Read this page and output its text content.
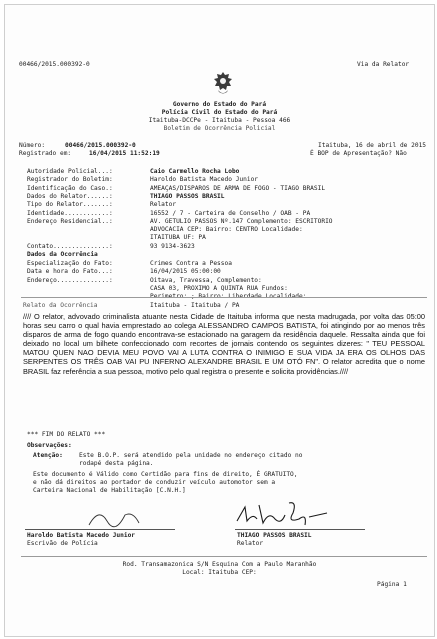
00466/2015.000392-0	Via da Relator
Governo do Estado do Pará
Polícia Civil do Estado do Pará
Itaituba-DCCPe - Itaituba - Pessoa 466
Boletim de Ocorrência Policial
Número:	00466/2015.000392-0
Registrado em:	16/04/2015 11:52:19
Itaituba, 16 de abril de 2015
É BOP de Apresentação? Não
Autoridade Policial...:	Caio Carmello Rocha Lobo
Registrador do Boletim:	Haroldo Batista Macedo Junior
Identificação do Caso.:	AMEAÇAS/DISPAROS DE ARMA DE FOGO - TIAGO BRASIL
Dados do Relator......:	THIAGO PASSOS BRASIL
Tipo do Relator.......:	Relator
Identidade............:	16552 / 7 - Carteira de Conselho / OAB - PA
Endereço Residencial..:	AV. GETULIO PASSOS Nº.147 Complemento: ESCRITORIO
ADVOCACIA CEP: Bairro: CENTRO Localidade:
ITAITUBA UF: PA
Contato...............:	93 9134-3623
Dados da Ocorrência
Especialização do Fato:	Crimes Contra a Pessoa
Data e hora do Fato...:	16/04/2015 05:00:00
Endereço..............:	Oitava, Travessa, Complemento:
CASA 03, PROXIMO A QUINTA RUA Fundos:
Perimetro: ; Bairro: Liberdade Localidade:
Itaituba - Itaituba / PA
Relato da Ocorrência
//// O relator, advovado criminalista atuante nesta Cidade de Itaituba informa que nesta madrugada, por volta das 05:00 horas seu carro o qual havia emprestado ao colega ALESSANDRO CAMPOS BATISTA, foi atingindo por ao menos três disparos de arma de fogo quando encontrava-se estacionado na garagem da residência daquele. Ressalta ainda que foi deixado no local um bilhete confeccionado com recortes de jornais contendo os seguintes dizeres: " TEU PESSOAL MATOU QUEN NAO DEVIA MEU POVO VAI A LUTA CONTRA O INIMIGO E SUA VIDA JA ERA OS OLHOS DAS SERPENTES OS TRÊS OAB VAI PU INFERNO ALEXANDRE BRASIL E UM OTÓ FN". O relator acredita que o nome BRASIL faz referência a sua pessoa, motivo pelo qual registra o presente e solicita providências.////
*** FIM DO RELATO ***
Observações:
Atenção:	Este B.O.P. será atendido pela unidade no endereço citado no
rodapé desta página.
Este documento é Válido como Certidão para fins de direito, É GRATUITO,
e não dá direitos ao portador de conduzir veículo automotor sem a
Carteira Nacional de Habilitação [C.N.H.]
Haroldo Batista Macedo Junior
Escrivão de Polícia
THIAGO PASSOS BRASIL
Relator
Rod. Transamazonica S/N Esquina Com a Paulo Maranhão
Local: Itaituba CEP:
Página 1
